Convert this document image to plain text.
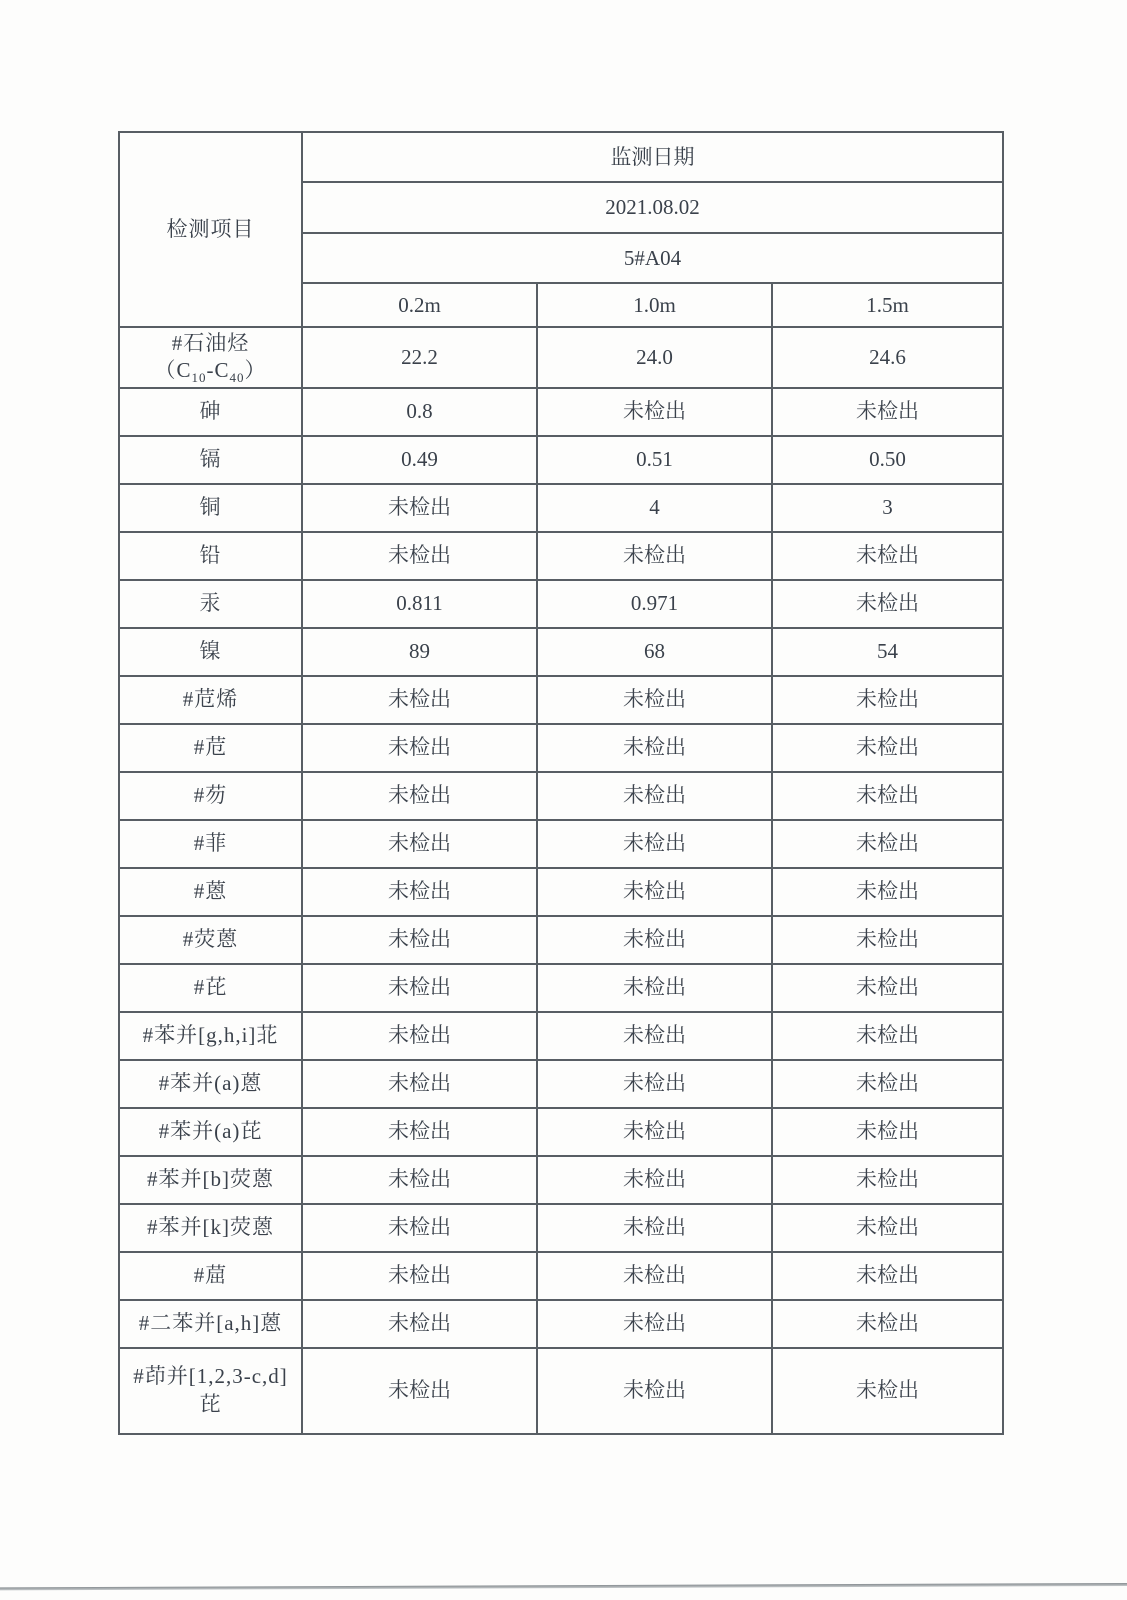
检测项目	监测日期		
	2021.08.02		
	5#A04		
	0.2m	1.0m	1.5m

#石油烃
$(C_{10}-C_{40})$	22.2	24.0	24.6

砷	0.8	未检出	未检出

镉	0.49	0.51	0.50

铜	未检出	4	3

铅	未检出	未检出	未检出

汞	0.811	0.971	未检出

镍	89	68	54

#苊烯	未检出	未检出	未检出

#苊	未检出	未检出	未检出

#芴	未检出	未检出	未检出

#菲	未检出	未检出	未检出

#蒽	未检出	未检出	未检出

#荧蒽	未检出	未检出	未检出

#芘	未检出	未检出	未检出

#苯并[g,h,i]苝	未检出	未检出	未检出

#苯并(a)蒽	未检出	未检出	未检出

#苯并(a)芘	未检出	未检出	未检出

#苯并[b]荧蒽	未检出	未检出	未检出

#苯并[k]荧蒽	未检出	未检出	未检出

#䓛	未检出	未检出	未检出

#二苯并[a,h]蒽	未检出	未检出	未检出

#茚并[1,2,3-c,d]
芘	未检出	未检出	未检出
